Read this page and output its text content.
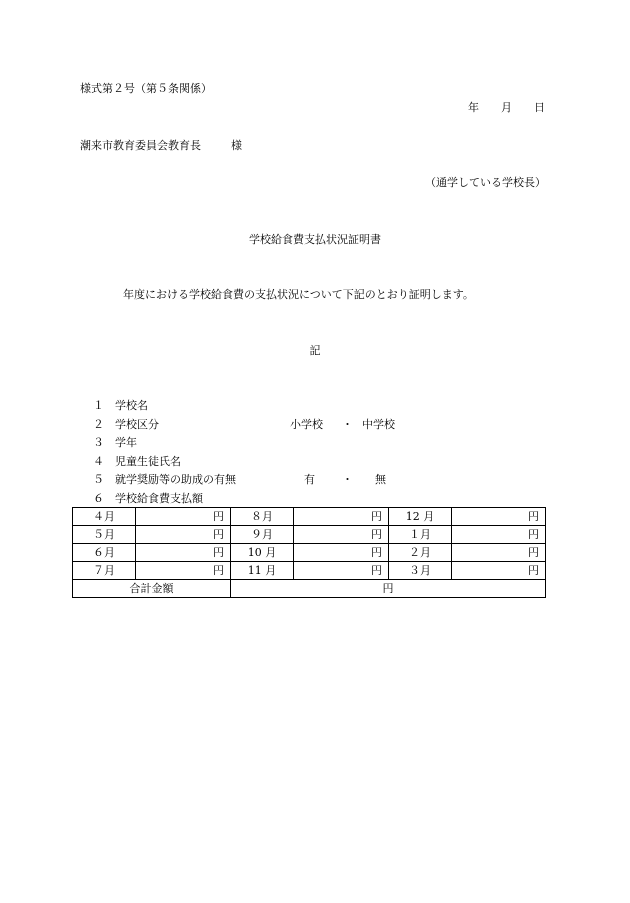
様式第２号（第５条関係）
年　　月　　日
潮来市教育委員会教育長	様
（通学している学校長）
学校給食費支払状況証明書
年度における学校給食費の支払状況について下記のとおり証明します。
記
１ 学校名
２ 学校区分
３ 学年
４ 児童生徒氏名
５ 就学奨励等の助成の有無
６ 学校給食費支払額
小学校 ・ 中学校
有 ・ 無
４月	円	８月	円	12 月	円
５月	円	９月	円	１月	円
６月	円	10 月	円	２月	円
７月	円	11 月	円	３月	円
合計金額		円			
